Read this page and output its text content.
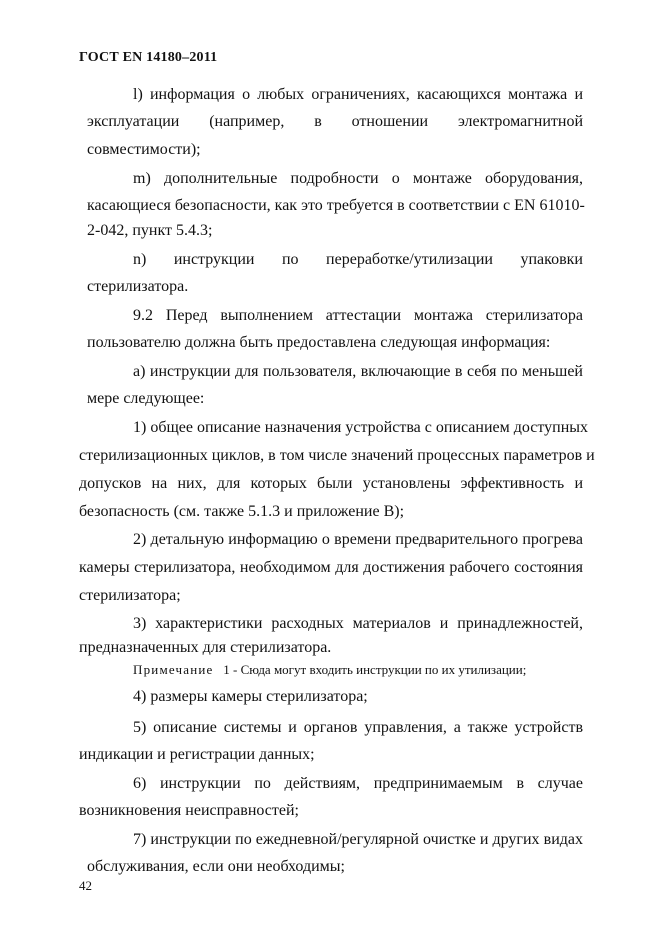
ГОСТ EN 14180–2011
l) информация о любых ограничениях, касающихся монтажа и
эксплуатации (например, в отношении электромагнитной
совместимости);
m) дополнительные подробности о монтаже оборудования,
касающиеся безопасности, как это требуется в соответствии с EN 61010-
2-042, пункт 5.4.3;
n) инструкции по переработке/утилизации упаковки
стерилизатора.
9.2 Перед выполнением аттестации монтажа стерилизатора
пользователю должна быть предоставлена следующая информация:
а) инструкции для пользователя, включающие в себя по меньшей
мере следующее:
1) общее описание назначения устройства с описанием доступных
стерилизационных циклов, в том числе значений процессных параметров и
допусков на них, для которых были установлены эффективность и
безопасность (см. также 5.1.3 и приложение В);
2) детальную информацию о времени предварительного прогрева
камеры стерилизатора, необходимом для достижения рабочего состояния
стерилизатора;
3) характеристики расходных материалов и принадлежностей,
предназначенных для стерилизатора.
Примечание 1 - Сюда могут входить инструкции по их утилизации;
4) размеры камеры стерилизатора;
5) описание системы и органов управления, а также устройств
индикации и регистрации данных;
6) инструкции по действиям, предпринимаемым в случае
возникновения неисправностей;
7) инструкции по ежедневной/регулярной очистке и других видах
обслуживания, если они необходимы;
42
